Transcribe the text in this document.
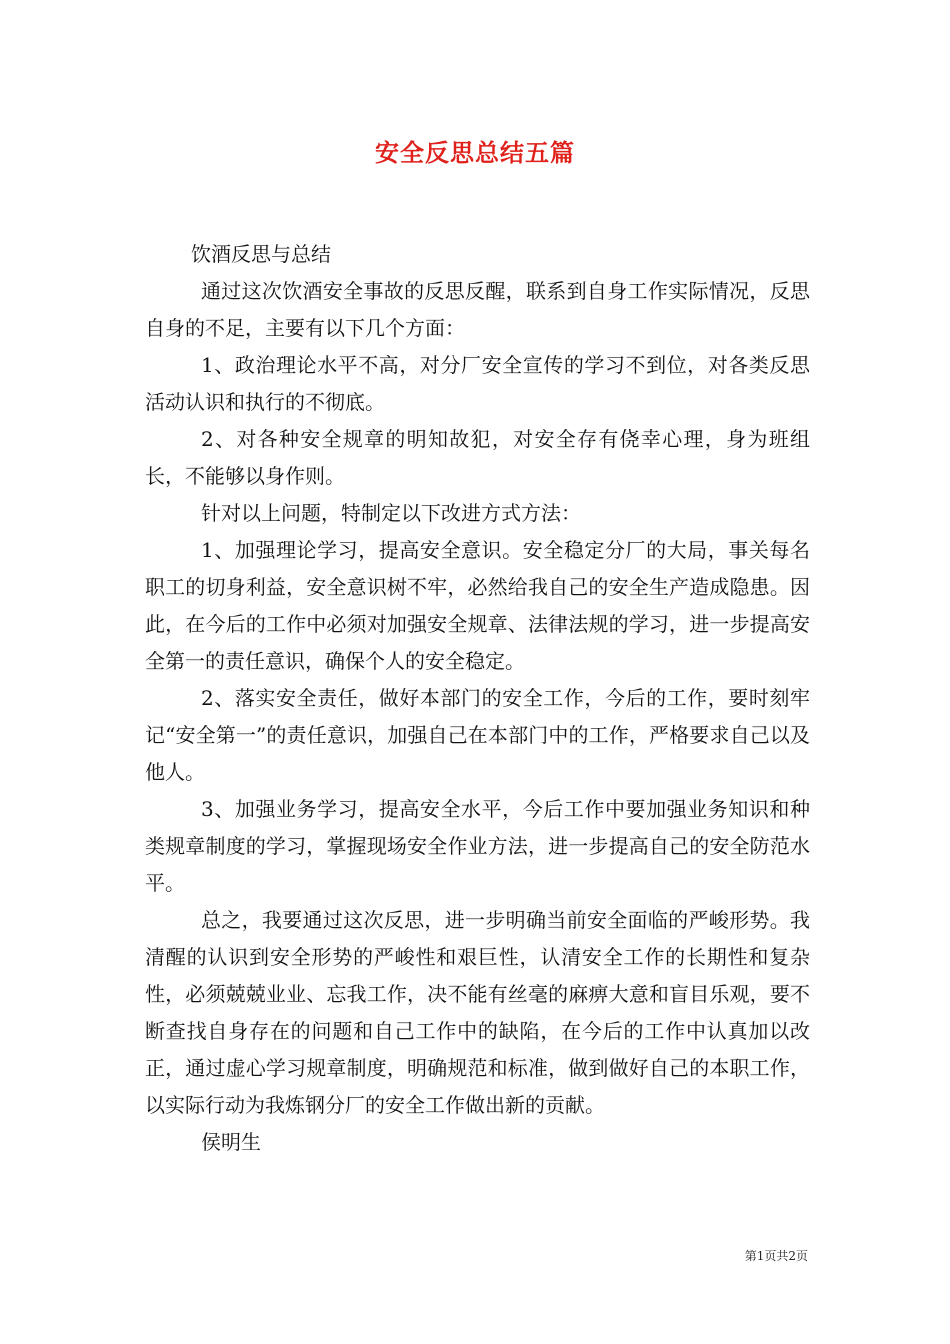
安全反思总结五篇

饮酒反思与总结

通过这次饮酒安全事故的反思反醒，联系到自身工作实际情况，反思自身的不足，主要有以下几个方面：

1、政治理论水平不高，对分厂安全宣传的学习不到位，对各类反思活动认识和执行的不彻底。

2、对各种安全规章的明知故犯，对安全存有侥幸心理，身为班组长，不能够以身作则。

针对以上问题，特制定以下改进方式方法：

1、加强理论学习，提高安全意识。安全稳定分厂的大局，事关每名职工的切身利益，安全意识树不牢，必然给我自己的安全生产造成隐患。因此，在今后的工作中必须对加强安全规章、法律法规的学习，进一步提高安全第一的责任意识，确保个人的安全稳定。

2、落实安全责任，做好本部门的安全工作，今后的工作，要时刻牢记“安全第一”的责任意识，加强自己在本部门中的工作，严格要求自己以及他人。

3、加强业务学习，提高安全水平，今后工作中要加强业务知识和种类规章制度的学习，掌握现场安全作业方法，进一步提高自己的安全防范水平。

总之，我要通过这次反思，进一步明确当前安全面临的严峻形势。我清醒的认识到安全形势的严峻性和艰巨性，认清安全工作的长期性和复杂性，必须兢兢业业、忘我工作，决不能有丝毫的麻痹大意和盲目乐观，要不断查找自身存在的问题和自己工作中的缺陷，在今后的工作中认真加以改正，通过虚心学习规章制度，明确规范和标准，做到做好自己的本职工作，以实际行动为我炼钢分厂的安全工作做出新的贡献。

侯明生

第1页共2页
